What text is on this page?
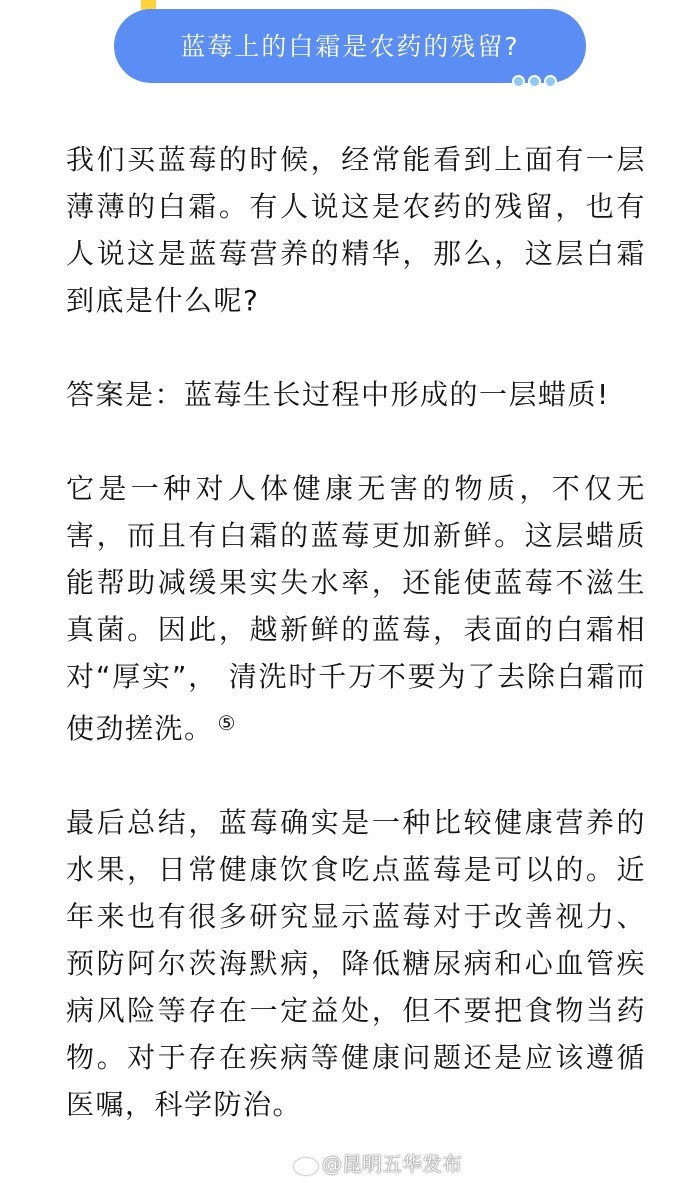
蓝莓上的白霜是农药的残留?

我们买蓝莓的时候，经常能看到上面有一层薄薄的白霜。有人说这是农药的残留，也有人说这是蓝莓营养的精华，那么，这层白霜到底是什么呢?

答案是：蓝莓生长过程中形成的一层蜡质!

它是一种对人体健康无害的物质，不仅无害，而且有白霜的蓝莓更加新鲜。这层蜡质能帮助减缓果实失水率，还能使蓝莓不滋生真菌。因此，越新鲜的蓝莓，表面的白霜相对“厚实”， 清洗时千万不要为了去除白霜而使劲搓洗。 ⑤

最后总结，蓝莓确实是一种比较健康营养的水果，日常健康饮食吃点蓝莓是可以的。近年来也有很多研究显示蓝莓对于改善视力、预防阿尔茨海默病，降低糖尿病和心血管疾病风险等存在一定益处，但不要把食物当药物。对于存在疾病等健康问题还是应该遵循医嘱，科学防治。

@昆明五华发布
